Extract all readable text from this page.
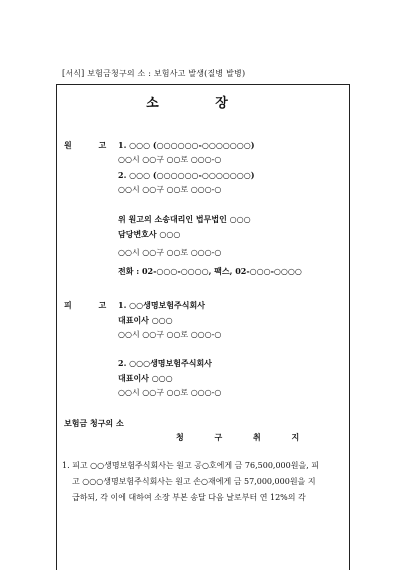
[서식] 보험금청구의 소 : 보험사고 발생(질병 발병)
소 장
원 고 1. ○○○ (○○○○○○-○○○○○○○)
○○시 ○○구 ○○로 ○○○-○
2. ○○○ (○○○○○○-○○○○○○○)
○○시 ○○구 ○○로 ○○○-○
위 원고의 소송대리인 법무법인 ○○○
담당변호사 ○○○
○○시 ○○구 ○○로 ○○○-○
전화 : 02-○○○-○○○○, 팩스, 02-○○○-○○○○
피 고 1. ○○생명보험주식회사
대표이사 ○○○
○○시 ○○구 ○○로 ○○○-○
2. ○○○생명보험주식회사
대표이사 ○○○
○○시 ○○구 ○○로 ○○○-○
보험금 청구의 소
청 구 취 지
1. 피고 ○○생명보험주식회사는 원고 공○호에게 금 76,500,000원을, 피
고 ○○○생명보험주식회사는 원고 손○재에게 금 57,000,000원을 지
급하되, 각 이에 대하여 소장 부본 송달 다음 날로부터 연 12%의 각
